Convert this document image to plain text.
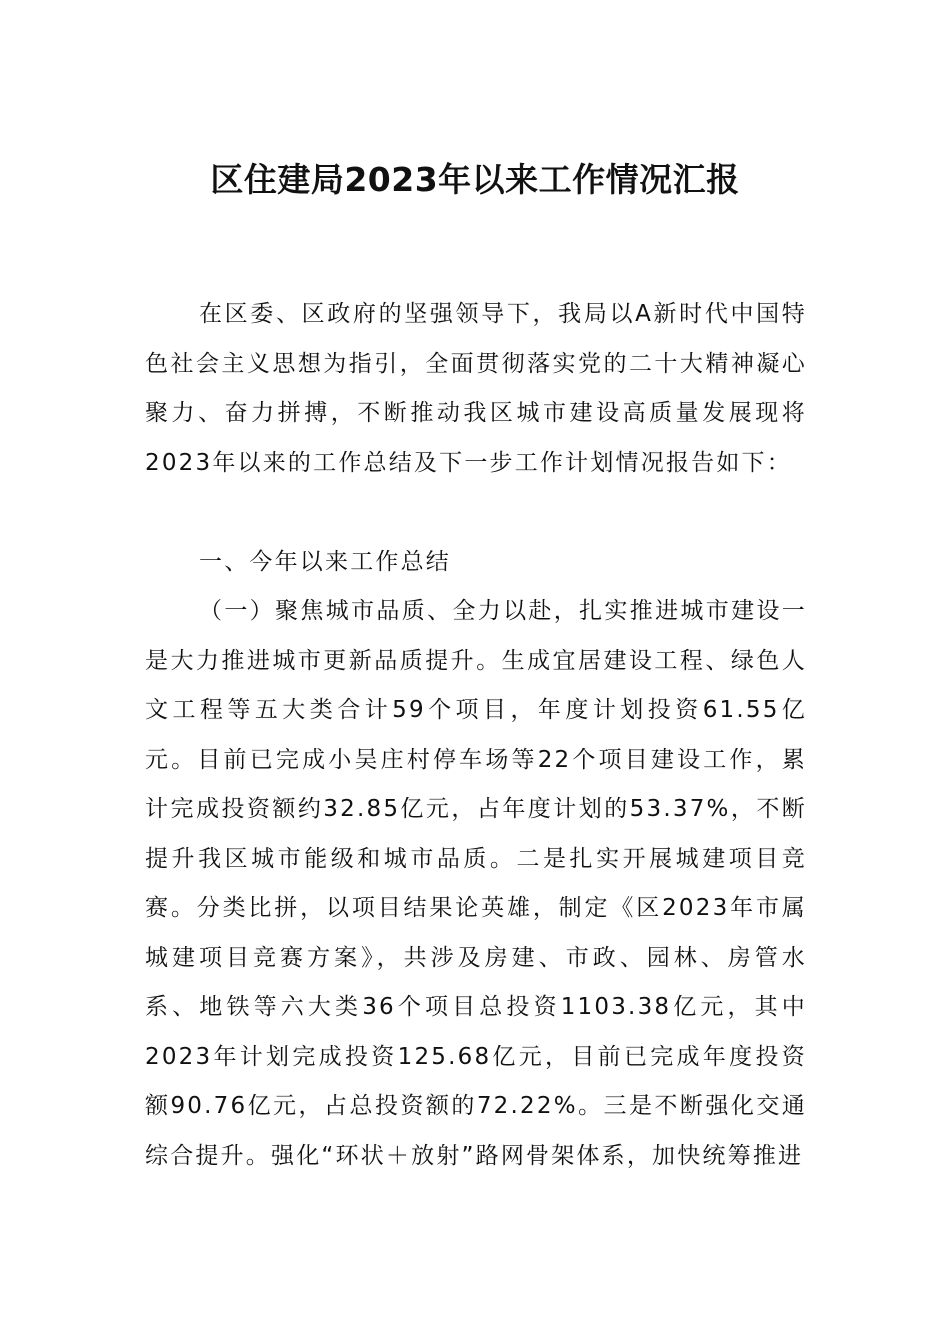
区住建局2023年以来工作情况汇报
在区委、区政府的坚强领导下，我局以A新时代中国特色社会主义思想为指引，全面贯彻落实党的二十大精神凝心聚力、奋力拼搏，不断推动我区城市建设高质量发展现将2023年以来的工作总结及下一步工作计划情况报告如下：
一、今年以来工作总结
（一）聚焦城市品质、全力以赴，扎实推进城市建设一是大力推进城市更新品质提升。生成宜居建设工程、绿色人文工程等五大类合计59个项目，年度计划投资61.55亿元。目前已完成小吴庄村停车场等22个项目建设工作，累计完成投资额约32.85亿元，占年度计划的53.37%，不断提升我区城市能级和城市品质。二是扎实开展城建项目竞赛。分类比拼，以项目结果论英雄，制定《区2023年市属城建项目竞赛方案》，共涉及房建、市政、园林、房管水系、地铁等六大类36个项目总投资1103.38亿元，其中2023年计划完成投资125.68亿元，目前已完成年度投资额90.76亿元，占总投资额的72.22%。三是不断强化交通综合提升。强化“环状＋放射”路网骨架体系，加快统筹推进
